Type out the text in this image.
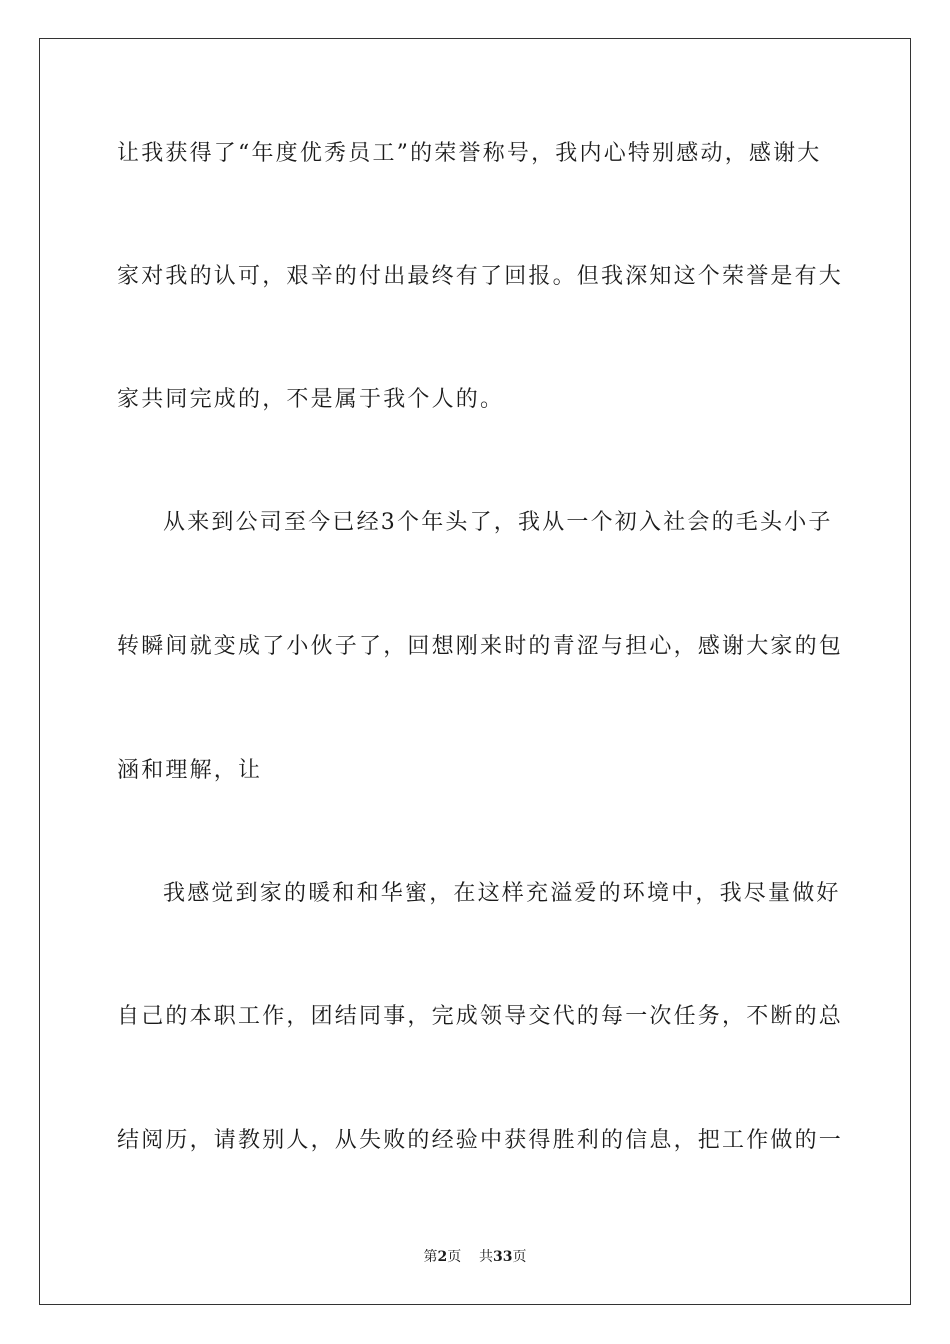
让我获得了“年度优秀员工”的荣誉称号，我内心特别感动，感谢大
家对我的认可，艰辛的付出最终有了回报。但我深知这个荣誉是有大
家共同完成的，不是属于我个人的。
从来到公司至今已经3个年头了，我从一个初入社会的毛头小子
转瞬间就变成了小伙子了，回想刚来时的青涩与担心，感谢大家的包
涵和理解，让
我感觉到家的暖和和华蜜，在这样充溢爱的环境中，我尽量做好
自己的本职工作，团结同事，完成领导交代的每一次任务，不断的总
结阅历，请教别人，从失败的经验中获得胜利的信息，把工作做的一
第2页 共33页
